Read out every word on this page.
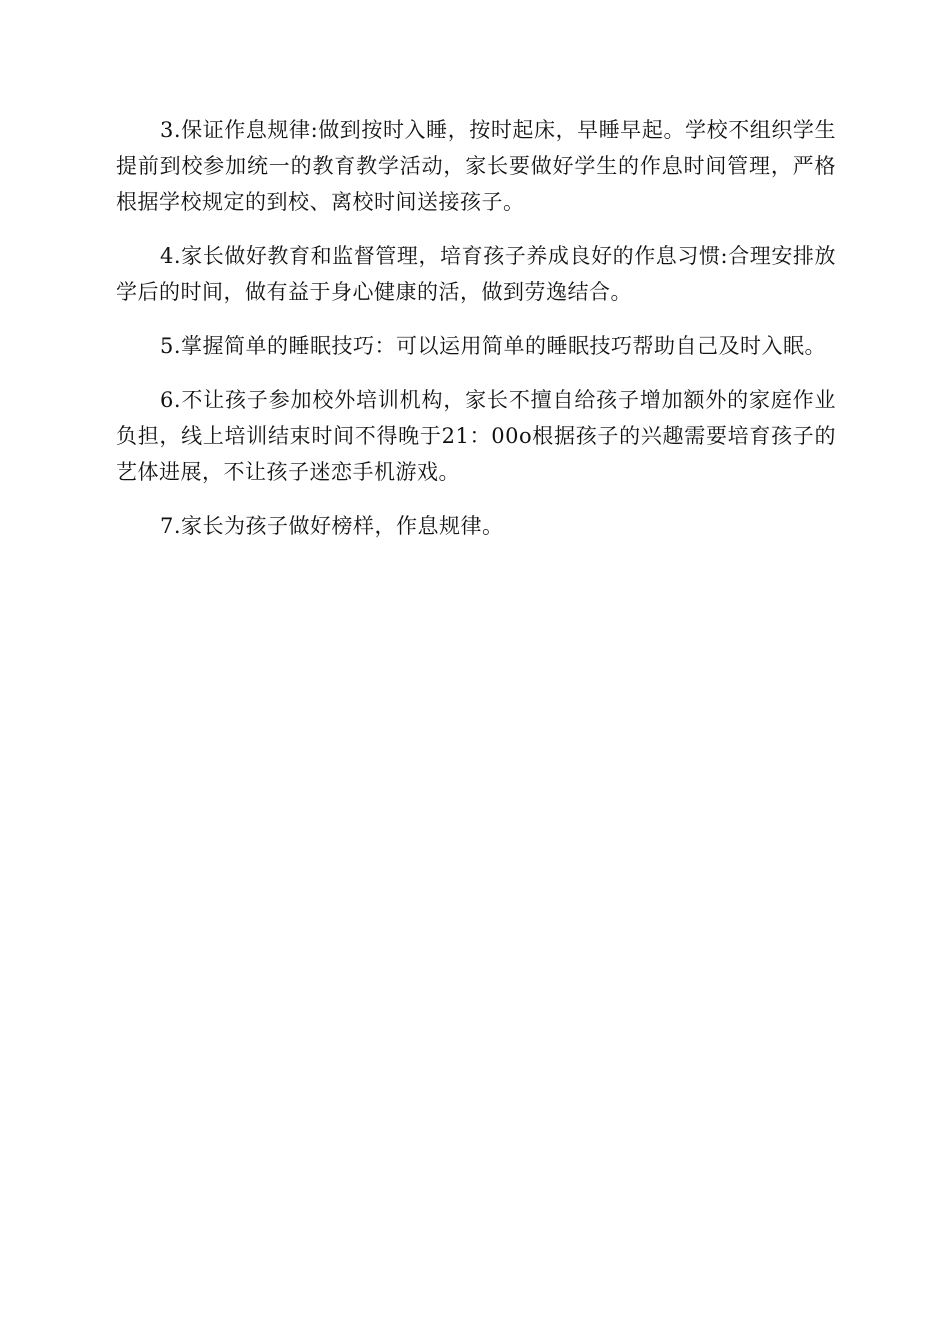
3.保证作息规律:做到按时入睡，按时起床，早睡早起。学校不组织学生提前到校参加统一的教育教学活动，家长要做好学生的作息时间管理，严格根据学校规定的到校、离校时间送接孩子。

4.家长做好教育和监督管理，培育孩子养成良好的作息习惯:合理安排放学后的时间，做有益于身心健康的活，做到劳逸结合。

5.掌握简单的睡眠技巧：可以运用简单的睡眠技巧帮助自己及时入眠。

6.不让孩子参加校外培训机构，家长不擅自给孩子增加额外的家庭作业负担，线上培训结束时间不得晚于21：00o根据孩子的兴趣需要培育孩子的艺体进展，不让孩子迷恋手机游戏。

7.家长为孩子做好榜样，作息规律。
